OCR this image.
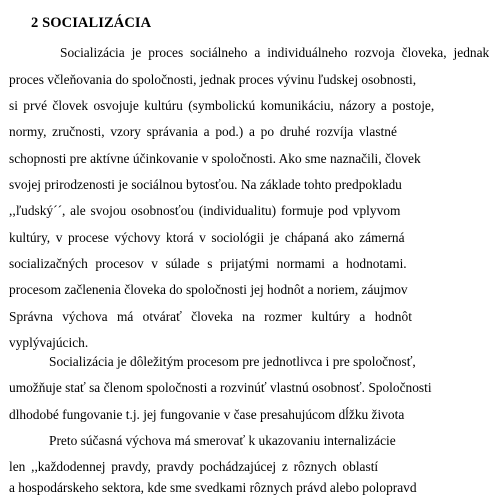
2 SOCIALIZÁCIA
Socializácia je proces sociálneho a individuálneho rozvoja človeka, jednak
proces včleňovania do spoločnosti, jednak proces vývinu ľudskej osobnosti,
si prvé človek osvojuje kultúru (symbolickú komunikáciu, názory a postoje,
normy, zručnosti, vzory správania a pod.) a po druhé rozvíja vlastné
schopnosti pre aktívne účinkovanie v spoločnosti. Ako sme naznačili, človek
svojej prirodzenosti je sociálnou bytosťou. Na základe tohto predpokladu
,,ľudský´´, ale svojou osobnosťou (individualitu) formuje pod vplyvom
kultúry, v procese výchovy ktorá v sociológii je chápaná ako zámerná
socializačných procesov v súlade s prijatými normami a hodnotami.
procesom začlenenia človeka do spoločnosti jej hodnôt a noriem, záujmov
Správna výchova má otvárať človeka na rozmer kultúry a hodnôt
vyplývajúcich.
Socializácia je dôležitým procesom pre jednotlivca i pre spoločnosť,
umožňuje stať sa členom spoločnosti a rozvinúť vlastnú osobnosť. Spoločnosti
dlhodobé fungovanie t.j. jej fungovanie v čase presahujúcom dĺžku života
Preto súčasná výchova má smerovať k ukazovaniu internalizácie
len ,,každodennej pravdy, pravdy pochádzajúcej z rôznych oblastí
a hospodárskeho sektora, kde sme svedkami rôznych právd alebo polopravd
